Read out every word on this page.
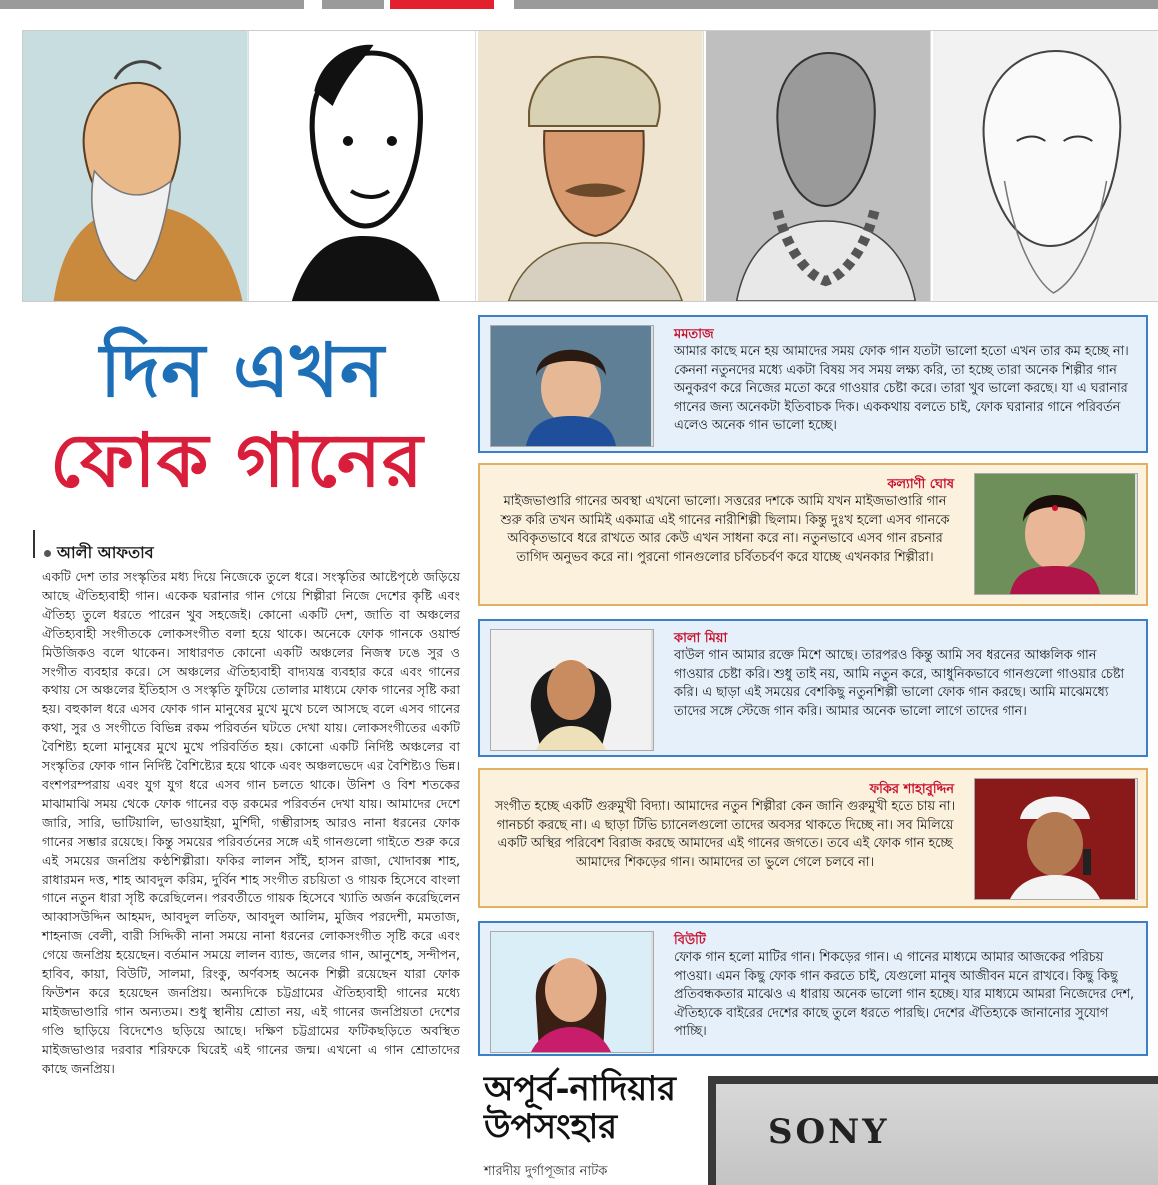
দিন এখন
ফোক গানের
আলী আফতাব
একটি দেশ তার সংস্কৃতির মধ্য দিয়ে নিজেকে তুলে ধরে। সংস্কৃতির আষ্টেপৃষ্ঠে জড়িয়ে আছে ঐতিহ্যবাহী গান। একেক ঘরানার গান গেয়ে শিল্পীরা নিজে দেশের কৃষ্টি এবং ঐতিহ্য তুলে ধরতে পারেন খুব সহজেই। কোনো একটি দেশ, জাতি বা অঞ্চলের ঐতিহ্যবাহী সংগীতকে লোকসংগীত বলা হয়ে থাকে। অনেকে ফোক গানকে ওয়ার্ল্ড মিউজিকও বলে থাকেন। সাধারণত কোনো একটি অঞ্চলের নিজস্ব ঢঙে সুর ও সংগীত ব্যবহার করে। সে অঞ্চলের ঐতিহ্যবাহী বাদ্যযন্ত্র ব্যবহার করে এবং গানের কথায় সে অঞ্চলের ইতিহাস ও সংস্কৃতি ফুটিয়ে তোলার মাধ্যমে ফোক গানের সৃষ্টি করা হয়। বহুকাল ধরে এসব ফোক গান মানুষের মুখে মুখে চলে আসছে বলে এসব গানের কথা, সুর ও সংগীতে বিভিন্ন রকম পরিবর্তন ঘটতে দেখা যায়। লোকসংগীতের একটি বৈশিষ্ট্য হলো মানুষের মুখে মুখে পরিবর্তিত হয়। কোনো একটি নির্দিষ্ট অঞ্চলের বা সংস্কৃতির ফোক গান নির্দিষ্ট বৈশিষ্ট্যের হয়ে থাকে এবং অঞ্চলভেদে এর বৈশিষ্ট্যও ভিন্ন। বংশপরম্পরায় এবং যুগ যুগ ধরে এসব গান চলতে থাকে। উনিশ ও বিশ শতকের মাঝামাঝি সময় থেকে ফোক গানের বড় রকমের পরিবর্তন দেখা যায়। আমাদের দেশে জারি, সারি, ভাটিয়ালি, ভাওয়াইয়া, মুর্শিদী, গম্ভীরাসহ আরও নানা ধরনের ফোক গানের সম্ভার রয়েছে। কিন্তু সময়ের পরিবর্তনের সঙ্গে এই গানগুলো গাইতে শুরু করে এই সময়ের জনপ্রিয় কণ্ঠশিল্পীরা। ফকির লালন সাঁই, হাসন রাজা, খোদাবক্স শাহ, রাধারমন দত্ত, শাহ আবদুল করিম, দুর্বিন শাহ সংগীত রচয়িতা ও গায়ক হিসেবে বাংলা গানে নতুন ধারা সৃষ্টি করেছিলেন। পরবর্তীতে গায়ক হিসেবে খ্যাতি অর্জন করেছিলেন আব্বাসউদ্দিন আহমদ, আবদুল লতিফ, আবদুল আলিম, মুজিব পরদেশী, মমতাজ, শাহনাজ বেলী, বারী সিদ্দিকী নানা সময়ে নানা ধরনের লোকসংগীত সৃষ্টি করে এবং গেয়ে জনপ্রিয় হয়েছেন। বর্তমান সময়ে লালন ব্যান্ড, জলের গান, আনুশেহ, সন্দীপন, হাবিব, কায়া, বিউটি, সালমা, রিংকু, অর্ণবসহ অনেক শিল্পী রয়েছেন যারা ফোক ফিউশন করে হয়েছেন জনপ্রিয়। অন্যদিকে চট্টগ্রামের ঐতিহ্যবাহী গানের মধ্যে মাইজভাণ্ডারি গান অন্যতম। শুধু স্থানীয় শ্রোতা নয়, এই গানের জনপ্রিয়তা দেশের গণ্ডি ছাড়িয়ে বিদেশেও ছড়িয়ে আছে। দক্ষিণ চট্টগ্রামের ফটিকছড়িতে অবস্থিত মাইজভাণ্ডার দরবার শরিফকে ঘিরেই এই গানের জন্ম। এখনো এ গান শ্রোতাদের কাছে জনপ্রিয়।
মমতাজ
আমার কাছে মনে হয় আমাদের সময় ফোক গান যতটা ভালো হতো এখন তার কম হচ্ছে না। কেননা নতুনদের মধ্যে একটা বিষয় সব সময় লক্ষ্য করি, তা হচ্ছে তারা অনেক শিল্পীর গান অনুকরণ করে নিজের মতো করে গাওয়ার চেষ্টা করে। তারা খুব ভালো করছে। যা এ ঘরানার গানের জন্য অনেকটা ইতিবাচক দিক। এককথায় বলতে চাই, ফোক ঘরানার গানে পরিবর্তন এলেও অনেক গান ভালো হচ্ছে।
কল্যাণী ঘোষ
মাইজভাণ্ডারি গানের অবস্থা এখনো ভালো। সত্তরের দশকে আমি যখন মাইজভাণ্ডারি গান শুরু করি তখন আমিই একমাত্র এই গানের নারীশিল্পী ছিলাম। কিন্তু দুঃখ হলো এসব গানকে অবিকৃতভাবে ধরে রাখতে আর কেউ এখন সাধনা করে না। নতুনভাবে এসব গান রচনার তাগিদ অনুভব করে না। পুরনো গানগুলোর চর্বিতচর্বণ করে যাচ্ছে এখনকার শিল্পীরা।
কালা মিয়া
বাউল গান আমার রক্তে মিশে আছে। তারপরও কিন্তু আমি সব ধরনের আঞ্চলিক গান গাওয়ার চেষ্টা করি। শুধু তাই নয়, আমি নতুন করে, আধুনিকভাবে গানগুলো গাওয়ার চেষ্টা করি। এ ছাড়া এই সময়ের বেশকিছু নতুনশিল্পী ভালো ফোক গান করছে। আমি মাঝেমধ্যে তাদের সঙ্গে স্টেজে গান করি। আমার অনেক ভালো লাগে তাদের গান।
ফকির শাহাবুদ্দিন
সংগীত হচ্ছে একটি গুরুমুখী বিদ্যা। আমাদের নতুন শিল্পীরা কেন জানি গুরুমুখী হতে চায় না। গানচর্চা করছে না। এ ছাড়া টিভি চ্যানেলগুলো তাদের অবসর থাকতে দিচ্ছে না। সব মিলিয়ে একটি অস্থির পরিবেশ বিরাজ করছে আমাদের এই গানের জগতে। তবে এই ফোক গান হচ্ছে আমাদের শিকড়ের গান। আমাদের তা ভুলে গেলে চলবে না।
বিউটি
ফোক গান হলো মাটির গান। শিকড়ের গান। এ গানের মাধ্যমে আমার আজকের পরিচয় পাওয়া। এমন কিছু ফোক গান করতে চাই, যেগুলো মানুষ আজীবন মনে রাখবে। কিছু কিছু প্রতিবন্ধকতার মাঝেও এ ধারায় অনেক ভালো গান হচ্ছে। যার মাধ্যমে আমরা নিজেদের দেশ, ঐতিহ্যকে বাইরের দেশের কাছে তুলে ধরতে পারছি। দেশের ঐতিহ্যকে জানানোর সুযোগ পাচ্ছি।
অপূর্ব-নাদিয়ার উপসংহার
শারদীয় দুর্গাপূজার নাটক
SONY
